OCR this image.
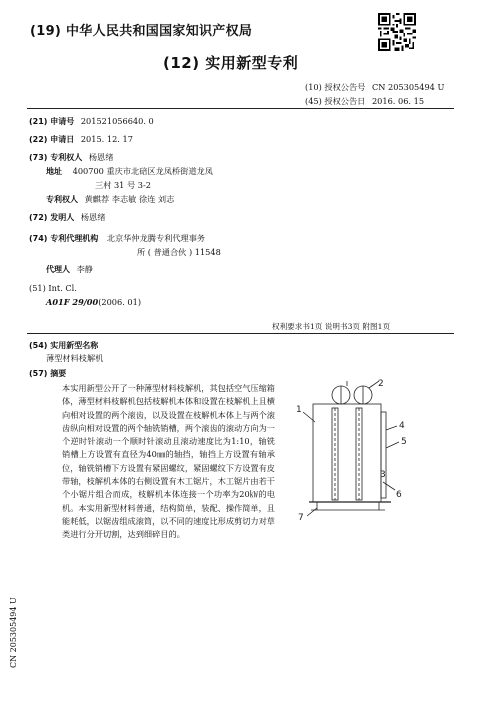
(19) 中华人民共和国国家知识产权局
(12) 实用新型专利
(10) 授权公告号 CN 205305494 U
(45) 授权公告日 2016. 06. 15
(21) 申请号 201521056640. 0
(22) 申请日 2015. 12. 17
(73) 专利权人 杨恩绪
地址 400700 重庆市北碚区龙凤桥街道龙凤
三村 31 号 3-2
专利权人 黄麒荐 李志敏 徐连 刘志
(72) 发明人 杨恩绪
(74) 专利代理机构 北京华仲龙腾专利代理事务
所 ( 普通合伙 ) 11548
代理人 李静
(51) Int. Cl.
A01F 29/00(2006. 01)
权利要求书1页 说明书3页 附图1页
(54) 实用新型名称
薄型材料枝解机
(57) 摘要
本实用新型公开了一种薄型材料枝解机，其包括空气压缩箱体，薄型材料枝解机包括枝解机本体和设置在枝解机上且横向相对设置的两个滚齿，以及设置在枝解机本体上与两个滚齿纵向相对设置的两个轴铣销槽，两个滚齿的滚动方向为一个逆时针滚动一个顺时针滚动且滚动速度比为1:10，轴铣销槽上方设置有直径为40㎜的轴挡，轴挡上方设置有轴承位，轴铣销槽下方设置有紧固螺纹，紧固螺纹下方设置有皮带轴，枝解机本体的右侧设置有木工锯片，木工锯片由若干个小锯片组合而成，枝解机本体连接一个功率为20㎾的电机。本实用新型材料普通，结构简单，装配、操作简单，且能耗低，以锯齿组成滚筒，以不同的速度比形成剪切力对草类进行分开切割，达到细碎目的。
1
2
3
4
5
6
7
CN 205305494 U
